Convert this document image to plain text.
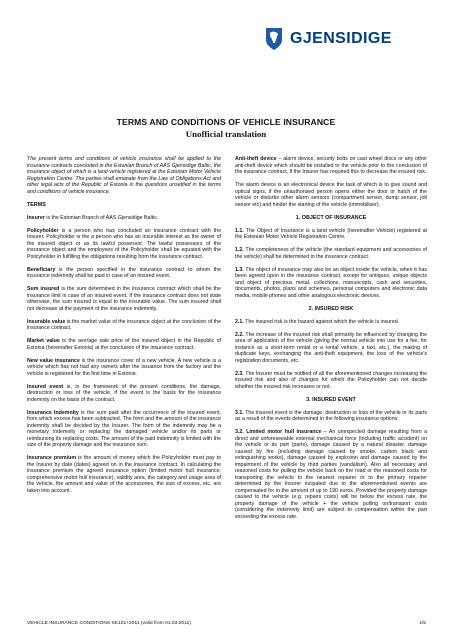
GJENSIDIGE
TERMS AND CONDITIONS OF VEHICLE INSURANCE
Unofficial translation

The present terms and conditions of vehicle insurance shall be applied to the insurance contracts concluded in the Estonian Branch of AAS Gjensidige Baltic, the insurance object of which is a land vehicle registered at the Estonian Motor Vehicle Registration Centre. The parties shall emanate from the Law of Obligations Act and other legal acts of the Republic of Estonia in the questions unsettled in the terms and conditions of vehicle insurance.

TERMS

Insurer is the Estonian Branch of AAS Gjensidige Baltic.

Policyholder is a person who has concluded an insurance contract with the Insurer. Policyholder is the a person who has an insurable interest as the owner of the insured object or as its lawful possessor. The lawful possessors of the insurance object and the employees of the Policyholder shall be equated with the Policyholder in fulfilling the obligations resulting from the insurance contract.

Beneficiary is the person specified in the insurance contract to whom the insurance indemnity shall be paid in case of an insured event.

Sum insured is the sum determined in the insurance contract which shall be the insurance limit in case of an insured event. If the insurance contract does not state otherwise, the sum insured is equal to the insurable value. The sum insured shall not decrease at the payment of the insurance indemnity.

Insurable value is the market value of the insurance object at the conclusion of the insurance contract.

Market value is the average sale price of the insured object in the Republic of Estonia (hereinafter Estonia) at the conclusion of the insurance contract.

New value insurance is the insurance cover of a new vehicle. A new vehicle is a vehicle which has not had any owners after the issuance from the factory and the vehicle is registered for the first time in Estonia.

Insured event is, in the framework of the present conditions, the damage, destruction or loss of the vehicle, if the event is the basis for the insurance indemnity on the basis of the contract.

Insurance Indemnity is the sum paid after the occurrence of the insured event, from which excess has been subtracted. The form and the amount of the insurance indemnity shall be decided by the Insurer. The form of the indemnity may be a monetary indemnity or replacing the damaged vehicle and/or its parts or reimbursing its replacing costs. The amount of the paid indemnity is limited with the size of the property damage and the insurance sum.

Insurance premium is the amount of money which the Policyholder must pay to the Insurer by date (dates) agreed on in the insurance contract. In calculating the insurance premium the agreed insurance option (limited motor hull insurance, comprehensive motor hull insurance), validity area, the category and usage area of the vehicle, the amount and value of the accessories, the size of excess, etc. are taken into account.

Anti-theft device – alarm device, security bolts on cast wheel discs or any other anti-theft device which should be installed to the vehicle prior to the conclusion of the insurance contract, if the Insurer has required this to decrease the insured risk.

The alarm device is an electronical device the task of which is to give sound and optical signs, if the unauthorised person opens either the door or hatch of the vehicle or disturbs other alarm sensors (compartment sensor, dump sensor, jolt sensor etc) and hinder the starting of the vehicle (immobiliser).

1. OBJECT OF INSURANCE

1.1. The Object of Insurance is a land vehicle (hereinafter Vehicle) registered at the Estonian Motor Vehicle Registration Centre.

1.2. The completeness of the vehicle (the standard equipment and accessories of the vehicle) shall be determined in the insurance contract.

1.3. The object of insurance may also be an object inside the vehicle, when it has been agreed upon in the insurance contract, except for antiques, unique objects and object of precious metal, collections, manuscripts, cash and securities, documents, photos, plans and schemes, personal computers and electronic data media, mobile phones and other analogous electronic devices.

2. INSURED RISK

2.1. The insured risk is the hazard against which the vehicle is insured.

2.2. The increase of the insured risk shall primarily be influenced by changing the area of application of the vehicle (giving the normal vehicle into use for a fee, for instance as a short-term rental or a rental vehicle, a taxi, etc.), the making of duplicate keys, exchanging the anti-theft equipment, the loss of the vehicle's registration documents, etc.

2.3. The Insurer must be notified of all the aforementioned changes increasing the insured risk and also of changes for which the Policyholder can not decide whether the insured risk increases or not.

3. INSURED EVENT

3.1. The insured event is the damage, destruction or loss of the vehicle or its parts as a result of the events determined in the following insurance options:

3.2. Limited motor hull insurance – An unexpected damage resulting from a direct and unforeseeable external mechanical force (including traffic accident) on the vehicle or its part (parts), damage caused by a natural disaster, damage caused by fire (including damage caused by smoke, carbon black and extinguishing works), damage caused by explosion and damage caused by the impairment of the vehicle by third parties (vandalism). Also all necessary and reasoned costs for pulling the vehicle back on the road or the reasoned costs for transporting the vehicle to the nearest repairer or to the primary repairer determined by the Insurer incipated due to the aforementioned events are compensated for in the amount of up to 190 euros. Provided the property damage caused to the vehicle (e.g. repairs costs) will be below the excess rate, the property damage of the vehicle + the vehicle pulling on/transport costs (considering the indemnity limit) are subject to compensation within the part exceeding the excess rate.

VEHICLE INSURANCE CONDITIONS SK101+2011 (valid from 01.03.2011)	1/5
